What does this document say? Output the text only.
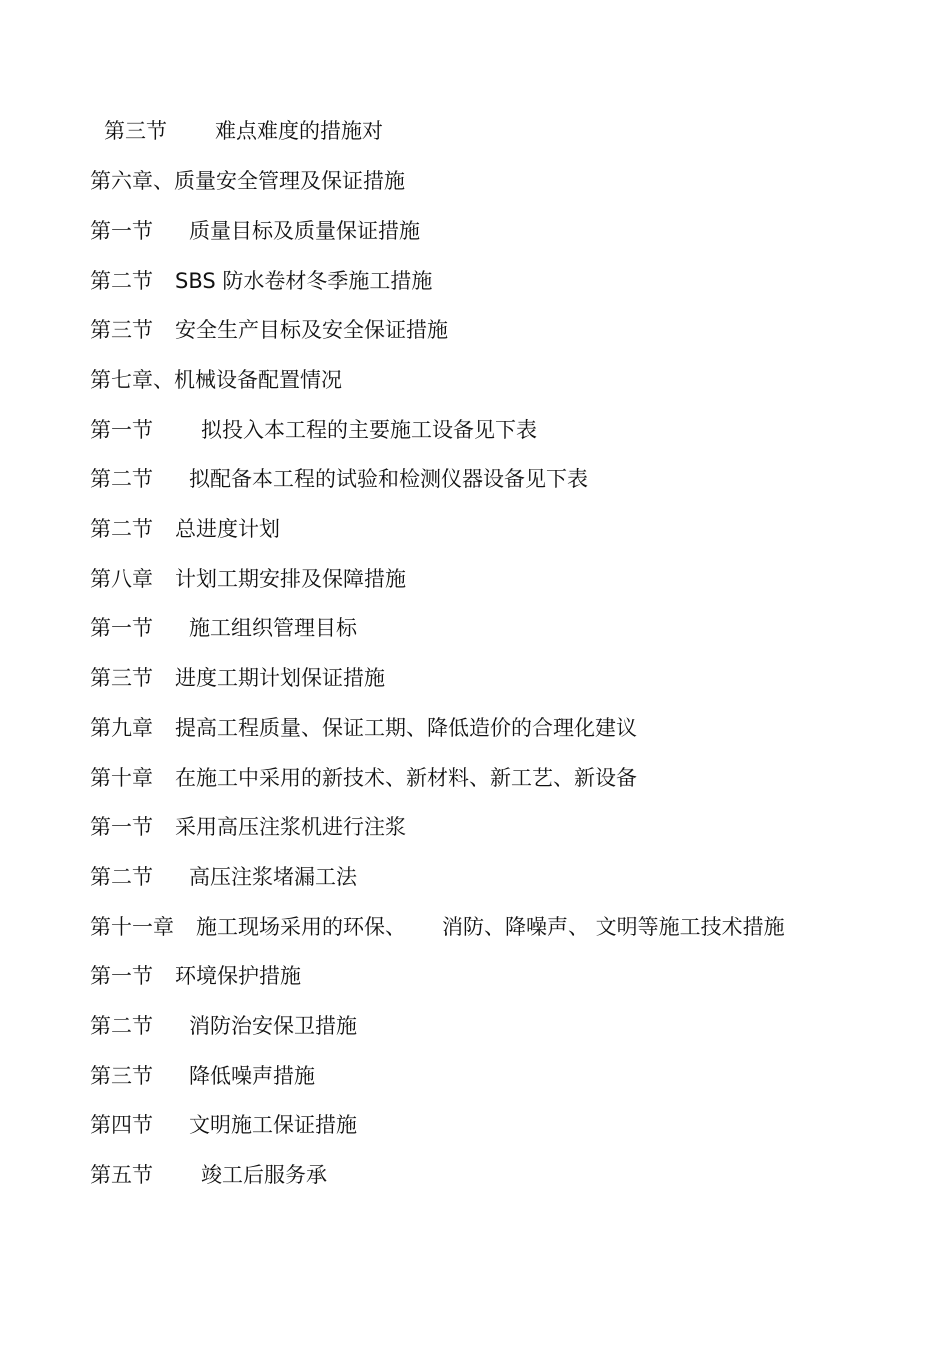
第三节 难点难度的措施对
第六章、质量安全管理及保证措施
第一节 质量目标及质量保证措施
第二节 SBS 防水卷材冬季施工措施
第三节 安全生产目标及安全保证措施
第七章、机械设备配置情况
第一节 拟投入本工程的主要施工设备见下表
第二节 拟配备本工程的试验和检测仪器设备见下表
第二节 总进度计划
第八章 计划工期安排及保障措施
第一节 施工组织管理目标
第三节 进度工期计划保证措施
第九章 提高工程质量、保证工期、降低造价的合理化建议
第十章 在施工中采用的新技术、新材料、新工艺、新设备
第一节 采用高压注浆机进行注浆
第二节 高压注浆堵漏工法
第十一章 施工现场采用的环保、 消防、降噪声、 文明等施工技术措施
第一节 环境保护措施
第二节 消防治安保卫措施
第三节 降低噪声措施
第四节 文明施工保证措施
第五节 竣工后服务承
